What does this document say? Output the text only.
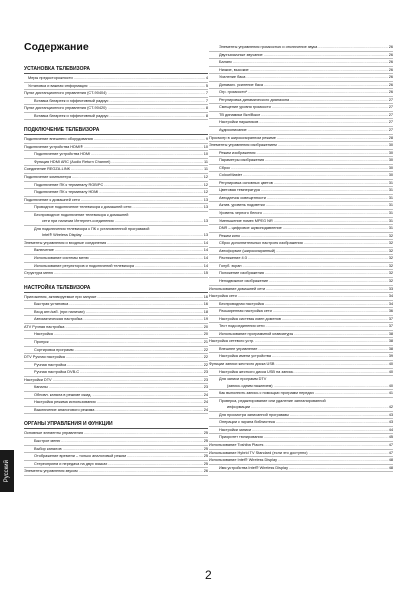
Содержание
УСТАНОВКА ТЕЛЕВИЗОРА
Меры предосторожности .....	4
Установка и важная информация .....	5
Пульт дистанционного управления (CT-90404) .....	7
Вставка батареек и эффективный радиус .....	7
Пульт дистанционного управления (CT-90420) .....	8
Вставка батареек и эффективный радиус .....	8
ПОДКЛЮЧЕНИЕ ТЕЛЕВИЗОРА
Подключение внешнего оборудования .....	9
Подключение устройства HDMI® .....	10
Подключение устройства HDMI .....	10
Функция HDMI ARC (Audio Return Channel) .....	11
Соединение REGZA-LINK .....	11
Подключение компьютера .....	12
Подключение ПК к терминалу RGB/PC .....	12
Подключение ПК к терминалу HDMI .....	12
Подключение к домашней сети .....	13
Проводное подключение телевизора к домашней сети .....	13
Беспроводное подключение телевизора к домашней
сети при наличии Интернет-соединения .....	13
Для подключения телевизора к ПК с установленной программой
Intel® Wireless Display .....	13
Элементы управления и входные соединения .....	14
Включение .....	14
Использование системы меню .....	14
Использование регуляторов и подключений телевизора .....	14
Структура меню .....	15
НАСТРОЙКА ТЕЛЕВИЗОРА
Приложения, активируемые при запуске .....	16
Быстрая установка .....	16
Вход ант./каб. (при наличии) .....	18
Автоматическая настройка .....	19
ATV Ручная настройка .....	20
Настройка .....	20
Пропуск .....	21
Сортировка программ .....	22
DTV Ручная настройка .....	22
Ручная настройка .....	22
Ручная настройка DVB-C .....	23
Настройки DTV .....	23
Каналы .....	23
Обновл. канала в режиме ожид. .....	24
Настройка режима использования .....	24
Выключение аналогового режима .....	24
ОРГАНЫ УПРАВЛЕНИЯ И ФУНКЦИИ
Основные элементы управления .....	25
Быстрое меню .....	25
Выбор каналов .....	25
Отображение времени – только аналоговый режим .....	25
Стереоприем и передача на двух языках .....	25
Элементы управления звуком .....	26
Элементы управления громкостью и отключение звука .....	26
Двухъязычные звучание .....	26
Баланс .....	26
Низкие, высокие .....	26
Усиление баса .....	26
Динамич. усиление баса .....	26
Огр. громкости* .....	26
Регулировка динамического диапазона .....	27
Смещение уровня громкости .....	27
ТВ динамики Вкл/Выкл .....	27
Настройки наушников .....	27
Аудиоописание .....	27
Просмотр в широкоэкранном режиме .....	28
Элементы управления изображением .....	30
Режим изображения .....	30
Параметры изображения .....	30
Сброс .....	30
ColourMaster .....	30
Регулировка основных цветов .....	31
Цветовая температура .....	31
Автодатчик освещенности .....	31
Актив. уровень подсветки .....	31
Уровень черного белого .....	31
Уменьшение помех MPEG NR .....	31
DNR – цифровое шумоподавление .....	31
Режим кино .....	32
Сброс дополнительных настроек изображения .....	32
Автоформат (широкоэкранный) .....	32
Растяжение 4:3 .....	32
Голуб. экран .....	32
Положение изображения .....	32
Неподвижное изображение .....	32
Использование домашней сети .....	33
Настройка сети .....	34
Беспроводная настройка .....	34
Расширенная настройка сети .....	36
Настройка системы имен доменов .....	37
Тест подсоединения сети .....	37
Использование программной клавиатуры .....	38
Настройка сетевого устр. .....	38
Внешнее управление .....	38
Настройка имени устройства .....	39
Функции записи жесткого диска USB .....	40
Настройка жесткого диска USB на запись .....	40
Для записи программ DTV
(запись одним нажатием) .....	40
Как выполнить запись с помощью программ передач .....	41
Проверка, редактирование или удаление запланированной
информации .....	42
Для просмотра записанной программы .....	43
Операции с экрана библиотека .....	43
Настройки записи .....	44
Приоритет тюнирования .....	45
Использование Toshiba Places .....	47
Использование Hybrid TV Standard (если это доступно) .....	47
Использование Intel® Wireless Display .....	48
Имя устройства Intel® Wireless Display .....	48
Русский
2
